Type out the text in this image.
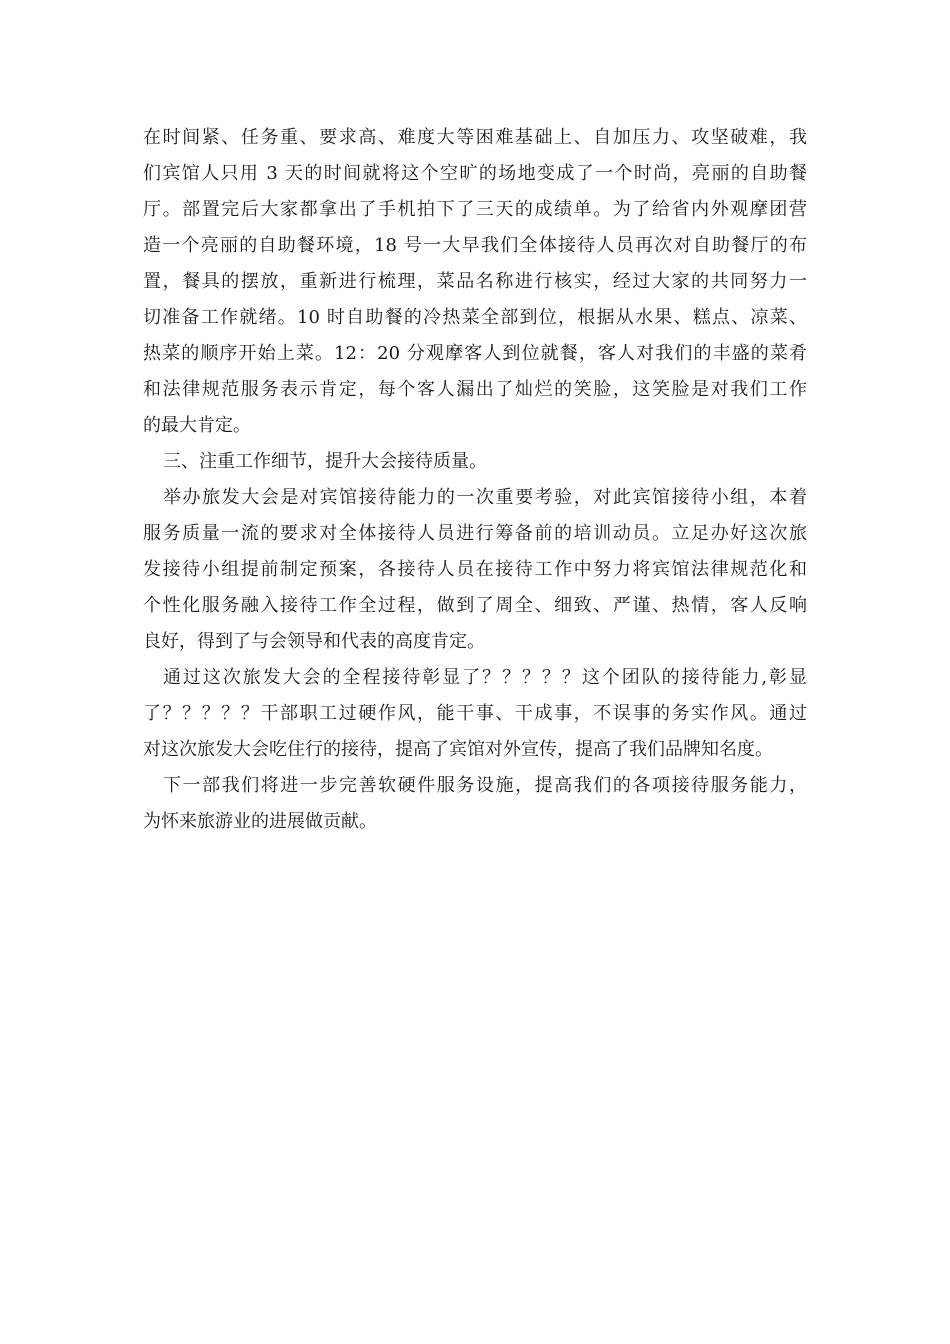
在时间紧、任务重、要求高、难度大等困难基础上、自加压力、攻坚破难，我
们宾馆人只用 3 天的时间就将这个空旷的场地变成了一个时尚，亮丽的自助餐
厅。部置完后大家都拿出了手机拍下了三天的成绩单。为了给省内外观摩团营
造一个亮丽的自助餐环境，18 号一大早我们全体接待人员再次对自助餐厅的布
置，餐具的摆放，重新进行梳理，菜品名称进行核实，经过大家的共同努力一
切准备工作就绪。10 时自助餐的冷热菜全部到位，根据从水果、糕点、凉菜、
热菜的顺序开始上菜。12：20 分观摩客人到位就餐，客人对我们的丰盛的菜肴
和法律规范服务表示肯定，每个客人漏出了灿烂的笑脸，这笑脸是对我们工作
的最大肯定。
三、注重工作细节，提升大会接待质量。
举办旅发大会是对宾馆接待能力的一次重要考验，对此宾馆接待小组，本着
服务质量一流的要求对全体接待人员进行筹备前的培训动员。立足办好这次旅
发接待小组提前制定预案，各接待人员在接待工作中努力将宾馆法律规范化和
个性化服务融入接待工作全过程，做到了周全、细致、严谨、热情，客人反响
良好，得到了与会领导和代表的高度肯定。
通过这次旅发大会的全程接待彰显了？？？？？这个团队的接待能力,彰显
了？？？？？干部职工过硬作风，能干事、干成事，不误事的务实作风。通过
对这次旅发大会吃住行的接待，提高了宾馆对外宣传，提高了我们品牌知名度。
下一部我们将进一步完善软硬件服务设施，提高我们的各项接待服务能力，
为怀来旅游业的进展做贡献。
